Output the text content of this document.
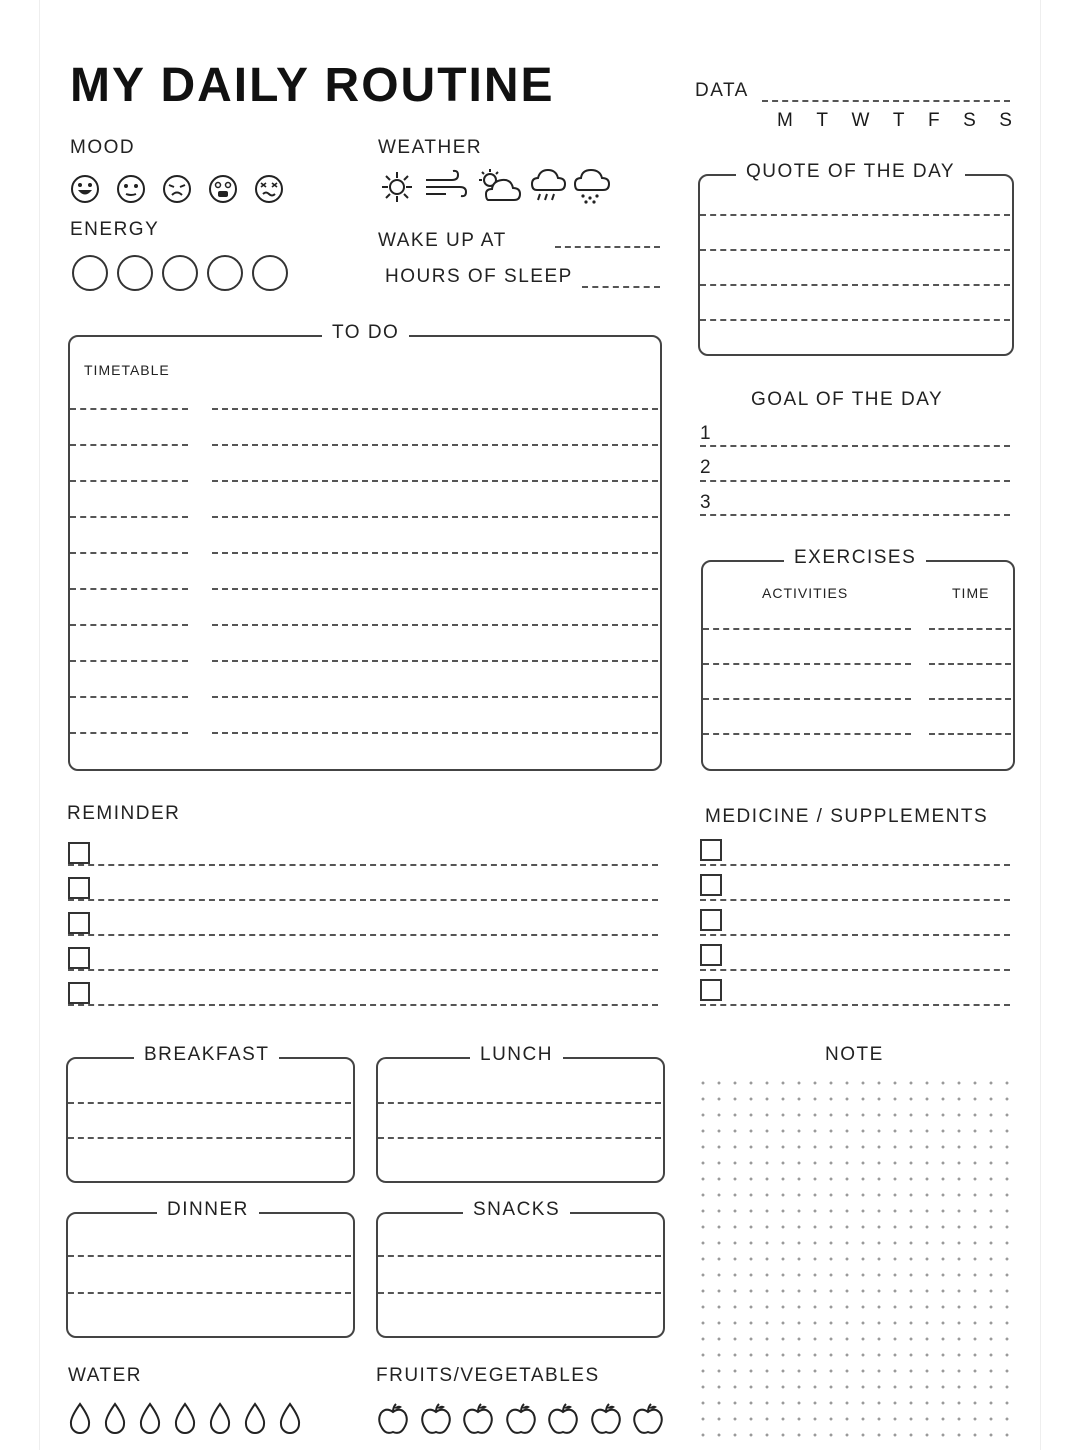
MY DAILY ROUTINE	DATA
M T W T F S S
MOOD
ENERGY
WEATHER
WAKE UP AT
HOURS OF SLEEP
QUOTE OF THE DAY
TO DO
TIMETABLE
GOAL OF THE DAY
1
2
3
EXERCISES
ACTIVITIES	TIME
REMINDER	MEDICINE / SUPPLEMENTS
BREAKFAST	LUNCH
DINNER	SNACKS
NOTE
WATER	FRUITS/VEGETABLES
